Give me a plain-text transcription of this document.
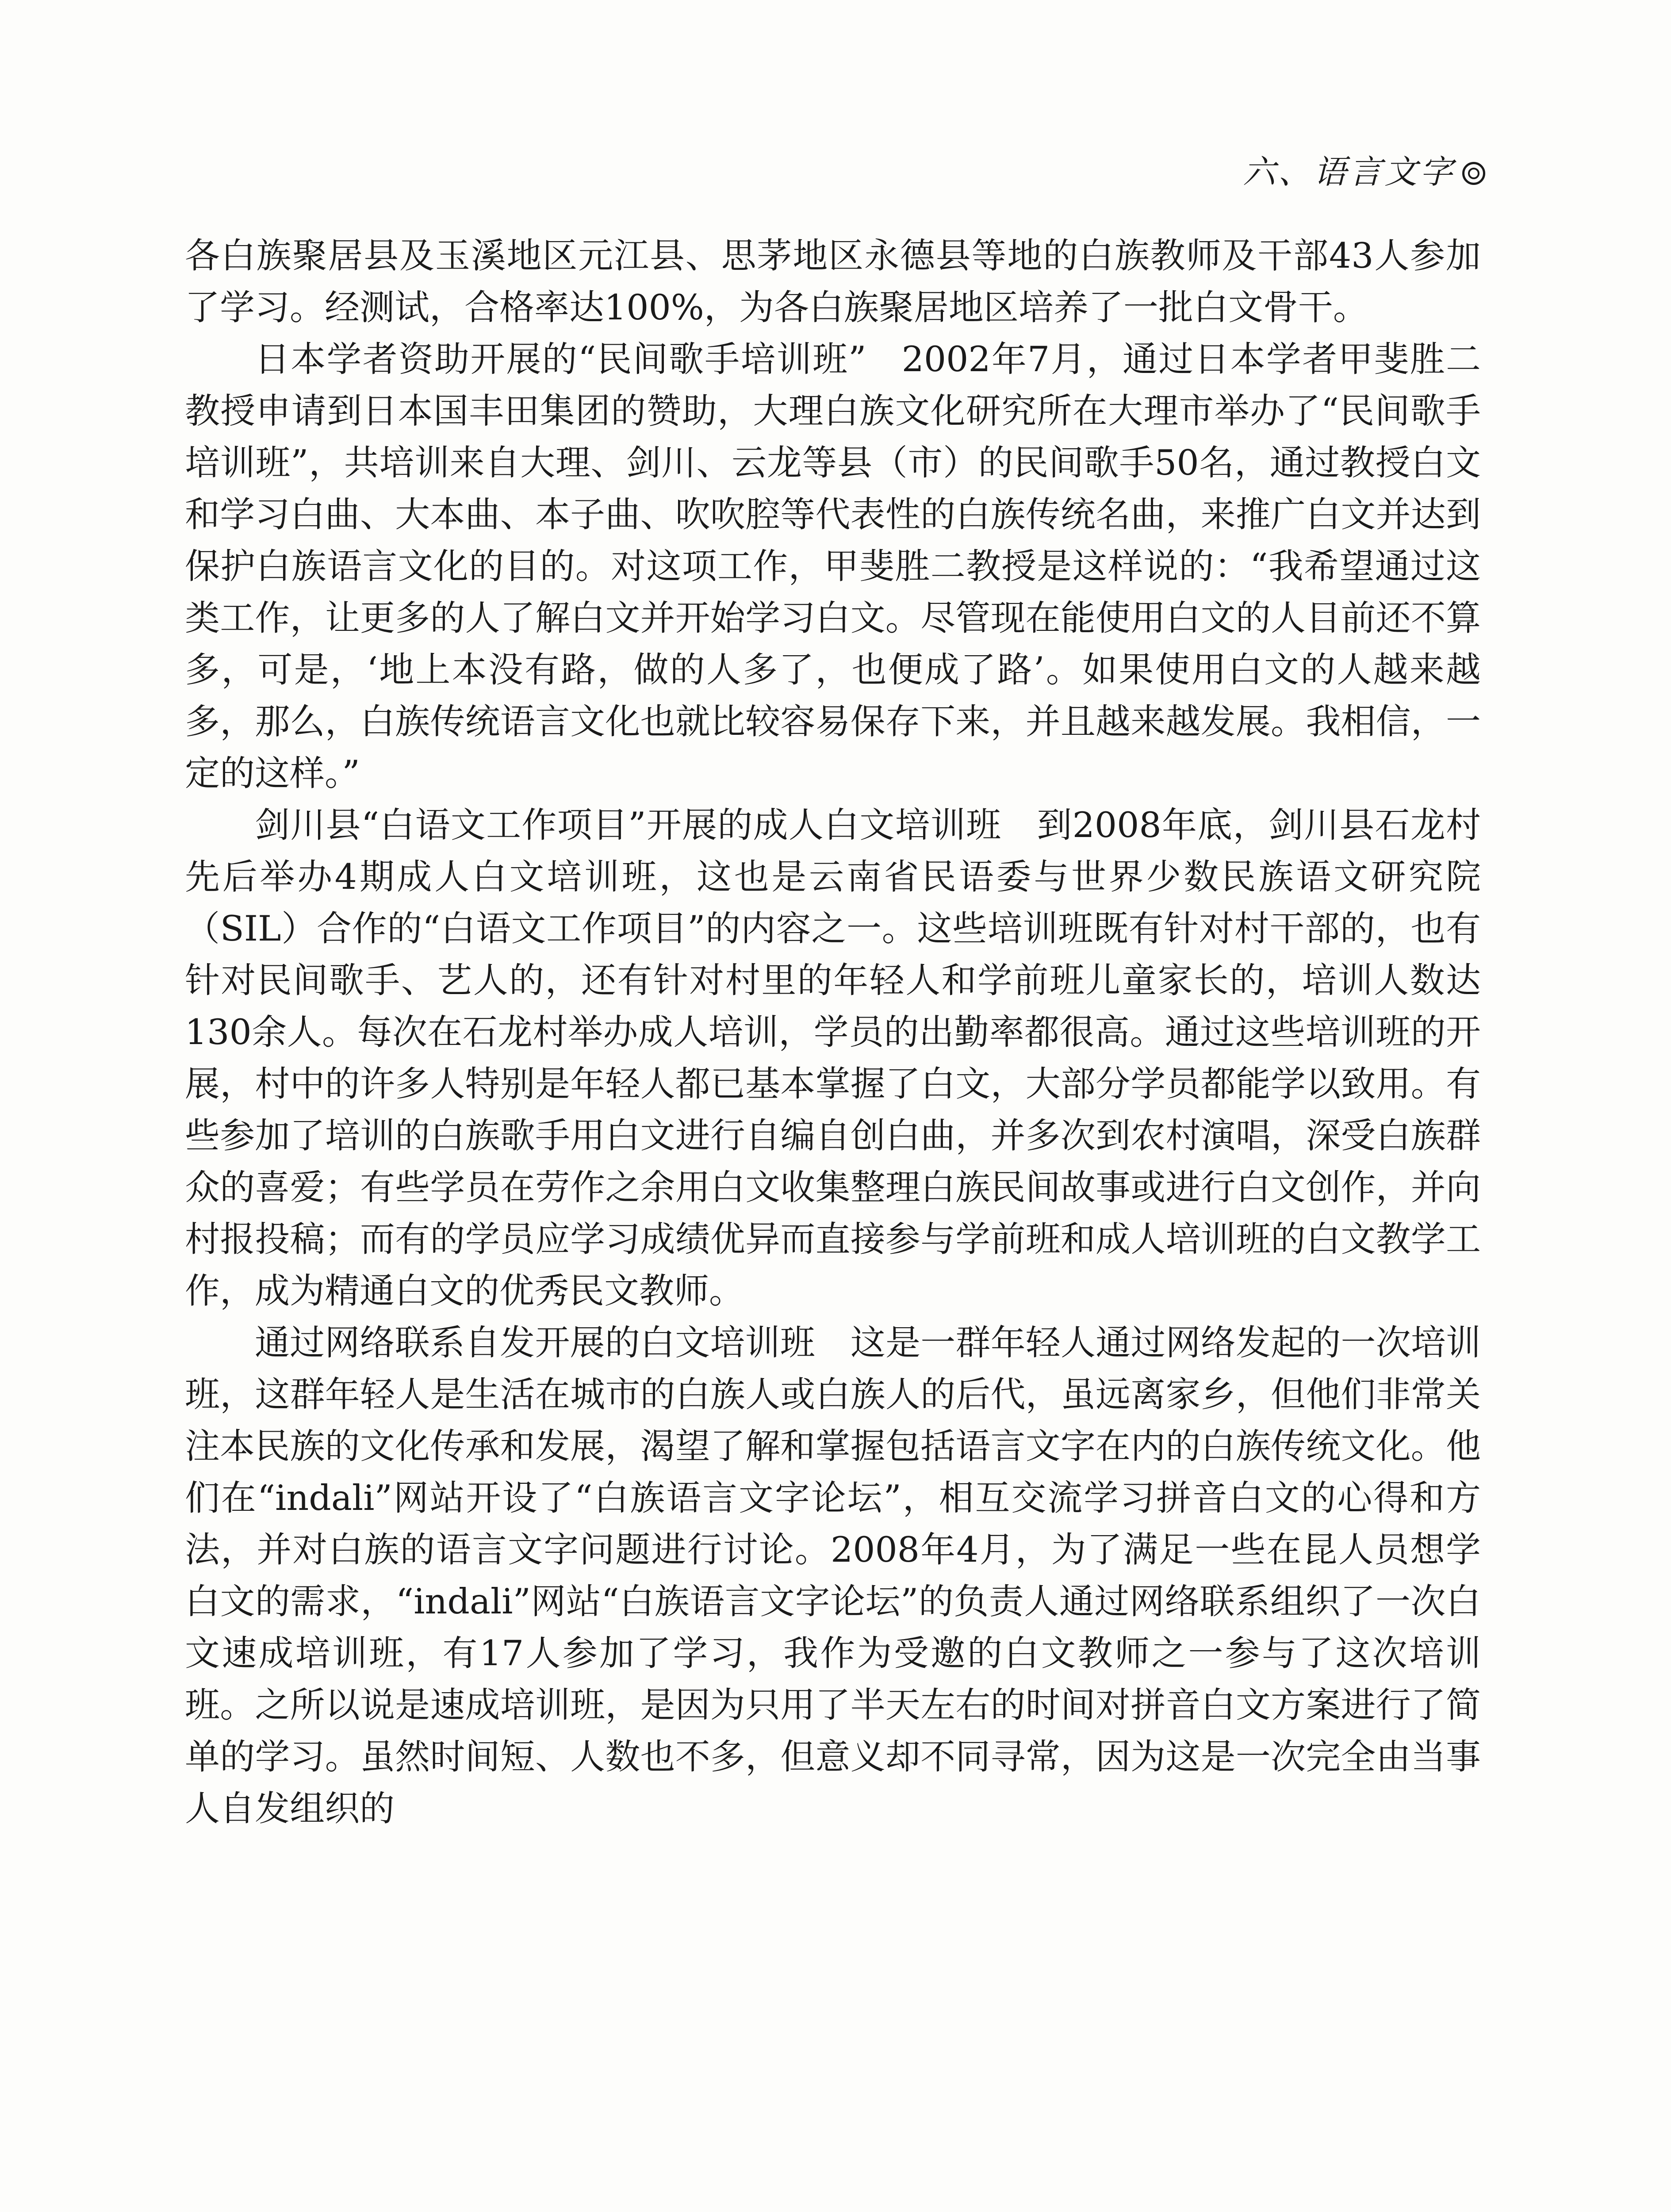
六、语言文字

各白族聚居县及玉溪地区元江县、思茅地区永德县等地的白族教师及干部43人参加了学习。经测试，合格率达100%，为各白族聚居地区培养了一批白文骨干。

日本学者资助开展的“民间歌手培训班” 2002年7月，通过日本学者甲斐胜二教授申请到日本国丰田集团的赞助，大理白族文化研究所在大理市举办了“民间歌手培训班”，共培训来自大理、剑川、云龙等县（市）的民间歌手50名，通过教授白文和学习白曲、大本曲、本子曲、吹吹腔等代表性的白族传统名曲，来推广白文并达到保护白族语言文化的目的。对这项工作，甲斐胜二教授是这样说的：“我希望通过这类工作，让更多的人了解白文并开始学习白文。尽管现在能使用白文的人目前还不算多，可是，‘地上本没有路，做的人多了，也便成了路’。如果使用白文的人越来越多，那么，白族传统语言文化也就比较容易保存下来，并且越来越发展。我相信，一定的这样。”

剑川县“白语文工作项目”开展的成人白文培训班 到2008年底，剑川县石龙村先后举办4期成人白文培训班，这也是云南省民语委与世界少数民族语文研究院（SIL）合作的“白语文工作项目”的内容之一。这些培训班既有针对村干部的，也有针对民间歌手、艺人的，还有针对村里的年轻人和学前班儿童家长的，培训人数达130余人。每次在石龙村举办成人培训，学员的出勤率都很高。通过这些培训班的开展，村中的许多人特别是年轻人都已基本掌握了白文，大部分学员都能学以致用。有些参加了培训的白族歌手用白文进行自编自创白曲，并多次到农村演唱，深受白族群众的喜爱；有些学员在劳作之余用白文收集整理白族民间故事或进行白文创作，并向村报投稿；而有的学员应学习成绩优异而直接参与学前班和成人培训班的白文教学工作，成为精通白文的优秀民文教师。

通过网络联系自发开展的白文培训班 这是一群年轻人通过网络发起的一次培训班，这群年轻人是生活在城市的白族人或白族人的后代，虽远离家乡，但他们非常关注本民族的文化传承和发展，渴望了解和掌握包括语言文字在内的白族传统文化。他们在“indali”网站开设了“白族语言文字论坛”，相互交流学习拼音白文的心得和方法，并对白族的语言文字问题进行讨论。2008年4月，为了满足一些在昆人员想学白文的需求，“indali”网站“白族语言文字论坛”的负责人通过网络联系组织了一次白文速成培训班，有17人参加了学习，我作为受邀的白文教师之一参与了这次培训班。之所以说是速成培训班，是因为只用了半天左右的时间对拼音白文方案进行了简单的学习。虽然时间短、人数也不多，但意义却不同寻常，因为这是一次完全由当事人自发组织的
